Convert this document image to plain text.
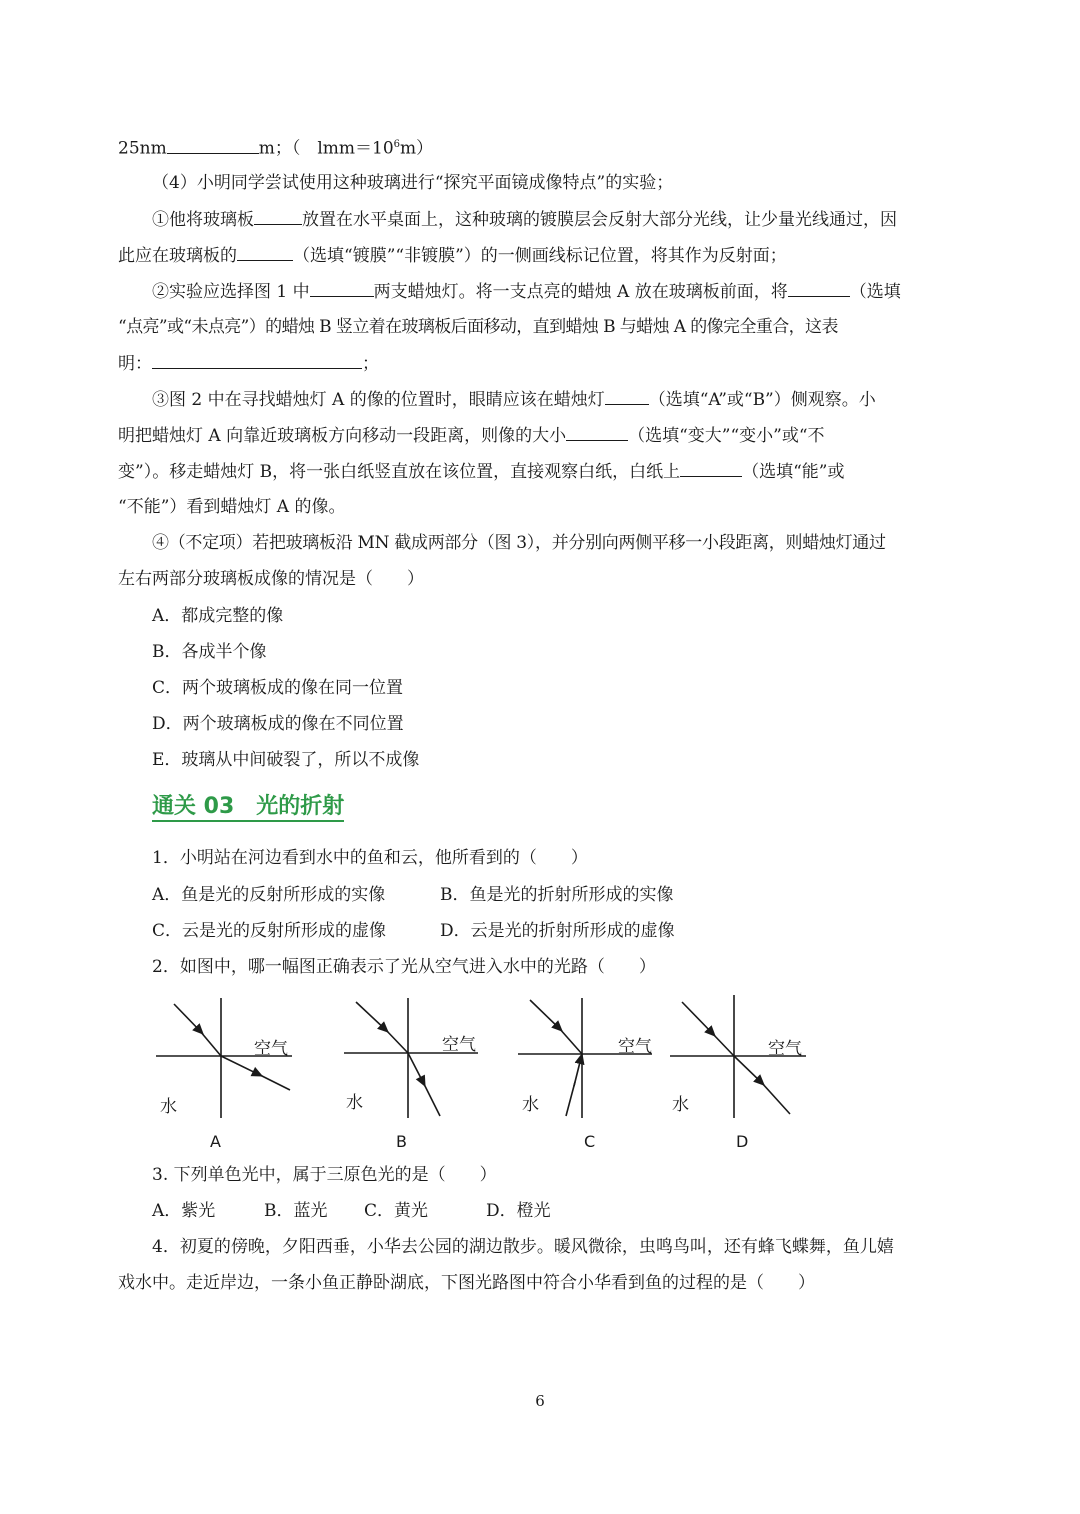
25nm	m；（　 $lmm=10^6m$）
（4）小明同学尝试使用这种玻璃进行“探究平面镜成像特点”的实验；
①他将玻璃板	放置在水平桌面上，这种玻璃的镀膜层会反射大部分光线，让少量光线通过，因
此应在玻璃板的	（选填“镀膜”“非镀膜”）的一侧画线标记位置，将其作为反射面；
②实验应选择图 1 中	两支蜡烛灯。将一支点亮的蜡烛 A 放在玻璃板前面，将	（选填
“点亮”或“未点亮”）的蜡烛 B 竖立着在玻璃板后面移动，直到蜡烛 B 与蜡烛 A 的像完全重合，这表
明：	；
③图 2 中在寻找蜡烛灯 A 的像的位置时，眼睛应该在蜡烛灯	（选填“A”或“B”）侧观察。小
明把蜡烛灯 A 向靠近玻璃板方向移动一段距离，则像的大小	（选填“变大”“变小”或“不
变”）。移走蜡烛灯 B，将一张白纸竖直放在该位置，直接观察白纸，白纸上	（选填“能”或
“不能”）看到蜡烛灯 A 的像。
④（不定项）若把玻璃板沿 MN 截成两部分（图 3），并分别向两侧平移一小段距离，则蜡烛灯通过
左右两部分玻璃板成像的情况是（　　）
A．都成完整的像
B．各成半个像
C．两个玻璃板成的像在同一位置
D．两个玻璃板成的像在不同位置
E．玻璃从中间破裂了，所以不成像
通关 03　 光的折射
1．小明站在河边看到水中的鱼和云，他所看到的（　　）
A．鱼是光的反射所形成的实像	B．鱼是光的折射所形成的实像
C．云是光的反射所形成的虚像	D．云是光的折射所形成的虚像
2．如图中，哪一幅图正确表示了光从空气进入水中的光路（　　）
空气
水
空气
水
空气
水
空气
水
A	B	C	D
3. 下列单色光中，属于三原色光的是（　　）
A．紫光	B．蓝光 C．黄光	D．橙光
4．初夏的傍晚，夕阳西垂，小华去公园的湖边散步。暖风微徐，虫鸣鸟叫，还有蜂飞蝶舞，鱼儿嬉
戏水中。走近岸边，一条小鱼正静卧湖底，下图光路图中符合小华看到鱼的过程的是（　　）
6
